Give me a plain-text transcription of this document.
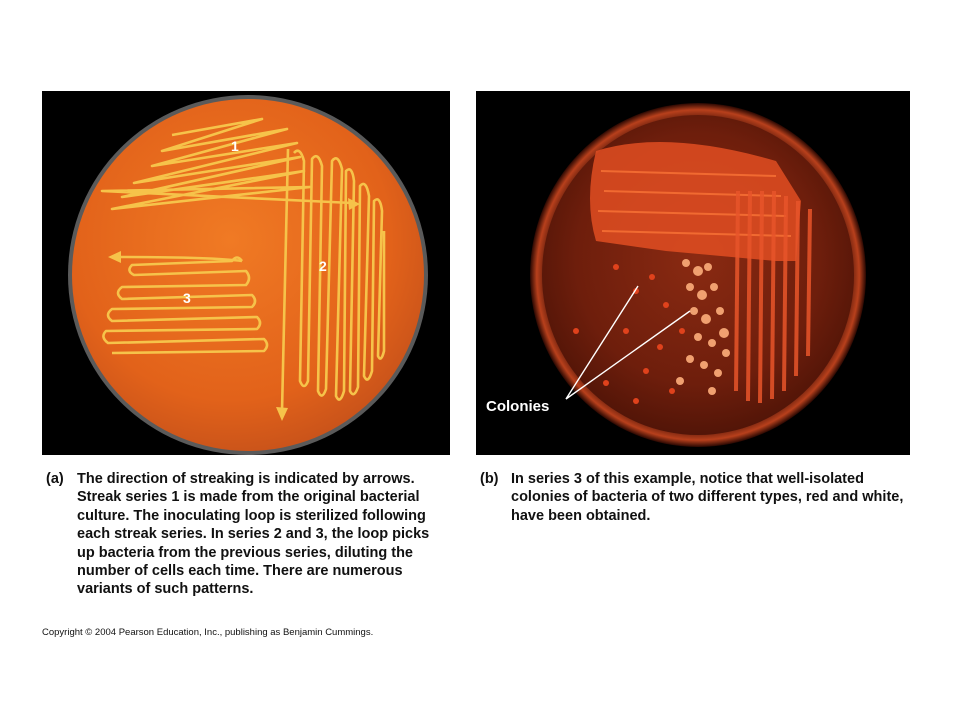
1
2
3
Colonies
(a) The direction of streaking is indicated by arrows. Streak series 1 is made from the original bacterial culture. The inoculating loop is sterilized following each streak series. In series 2 and 3, the loop picks up bacteria from the previous series, diluting the number of cells each time. There are numerous variants of such patterns.
(b) In series 3 of this example, notice that well-isolated colonies of bacteria of two different types, red and white, have been obtained.
Copyright © 2004 Pearson Education, Inc., publishing as Benjamin Cummings.
